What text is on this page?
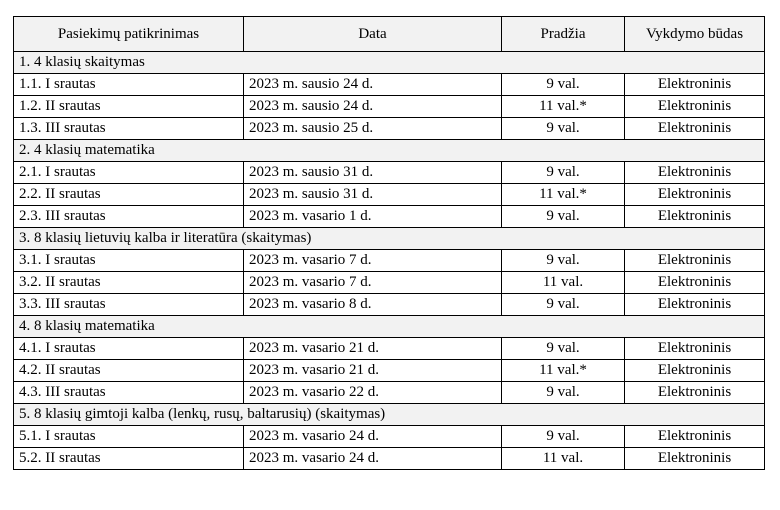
Pasiekimų patikrinimas	Data	Pradžia	Vykdymo būdas
1. 4 klasių skaitymas			
1.1. I srautas	2023 m. sausio 24 d.	9 val.	Elektroninis
1.2. II srautas	2023 m. sausio 24 d.	11 val.*	Elektroninis
1.3. III srautas	2023 m. sausio 25 d.	9 val.	Elektroninis
2. 4 klasių matematika			
2.1. I srautas	2023 m. sausio 31 d.	9 val.	Elektroninis
2.2. II srautas	2023 m. sausio 31 d.	11 val.*	Elektroninis
2.3. III srautas	2023 m. vasario 1 d.	9 val.	Elektroninis
3. 8 klasių lietuvių kalba ir literatūra (skaitymas)			
3.1. I srautas	2023 m. vasario 7 d.	9 val.	Elektroninis
3.2. II srautas	2023 m. vasario 7 d.	11 val.	Elektroninis
3.3. III srautas	2023 m. vasario 8 d.	9 val.	Elektroninis
4. 8 klasių matematika			
4.1. I srautas	2023 m. vasario 21 d.	9 val.	Elektroninis
4.2. II srautas	2023 m. vasario 21 d.	11 val.*	Elektroninis
4.3. III srautas	2023 m. vasario 22 d.	9 val.	Elektroninis
5. 8 klasių gimtoji kalba (lenkų, rusų, baltarusių) (skaitymas)			
5.1. I srautas	2023 m. vasario 24 d.	9 val.	Elektroninis
5.2. II srautas	2023 m. vasario 24 d.	11 val.	Elektroninis
